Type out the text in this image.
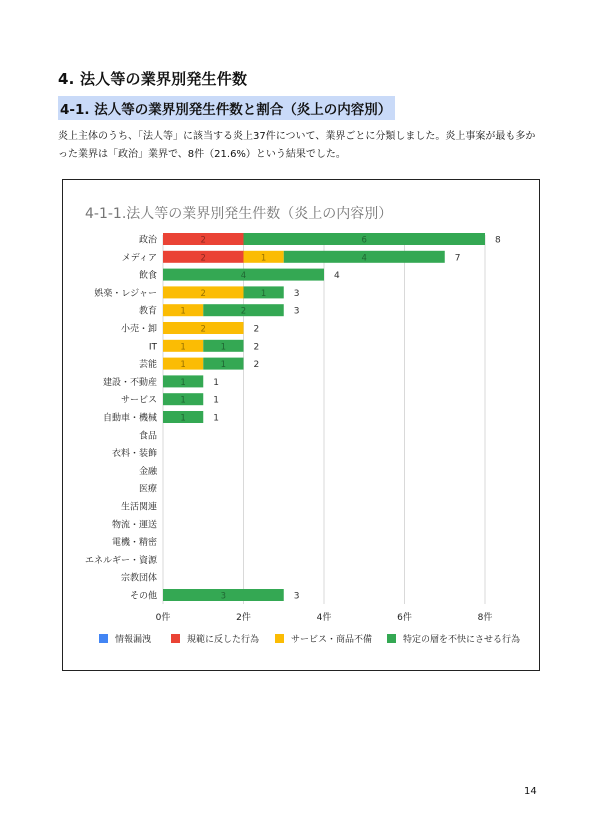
4. 法人等の業界別発生件数
4-1. 法人等の業界別発生件数と割合（炎上の内容別）
炎上主体のうち、「法人等」に該当する炎上37件について、業界ごとに分類しました。炎上事案が最も多かった業界は「政治」業界で、8件（21.6%）という結果でした。
4-1-1.法人等の業界別発生件数（炎上の内容別）
0件	2件	4件	6件	8件
政治	2	6	8
メディア	2	1	4	7
飲食	4	4
娯楽・レジャー	2	1	3
教育	1	2	3
小売・卸	2	2
IT	1	1	2
芸能	1	1	2
建設・不動産	1	1
サービス	1	1
自動車・機械	1	1
食品
衣料・装飾
金融
医療
生活関連
物流・運送
電機・精密
エネルギー・資源
宗教団体
その他	3	3
情報漏洩	規範に反した行為	サービス・商品不備	特定の層を不快にさせる行為
14
